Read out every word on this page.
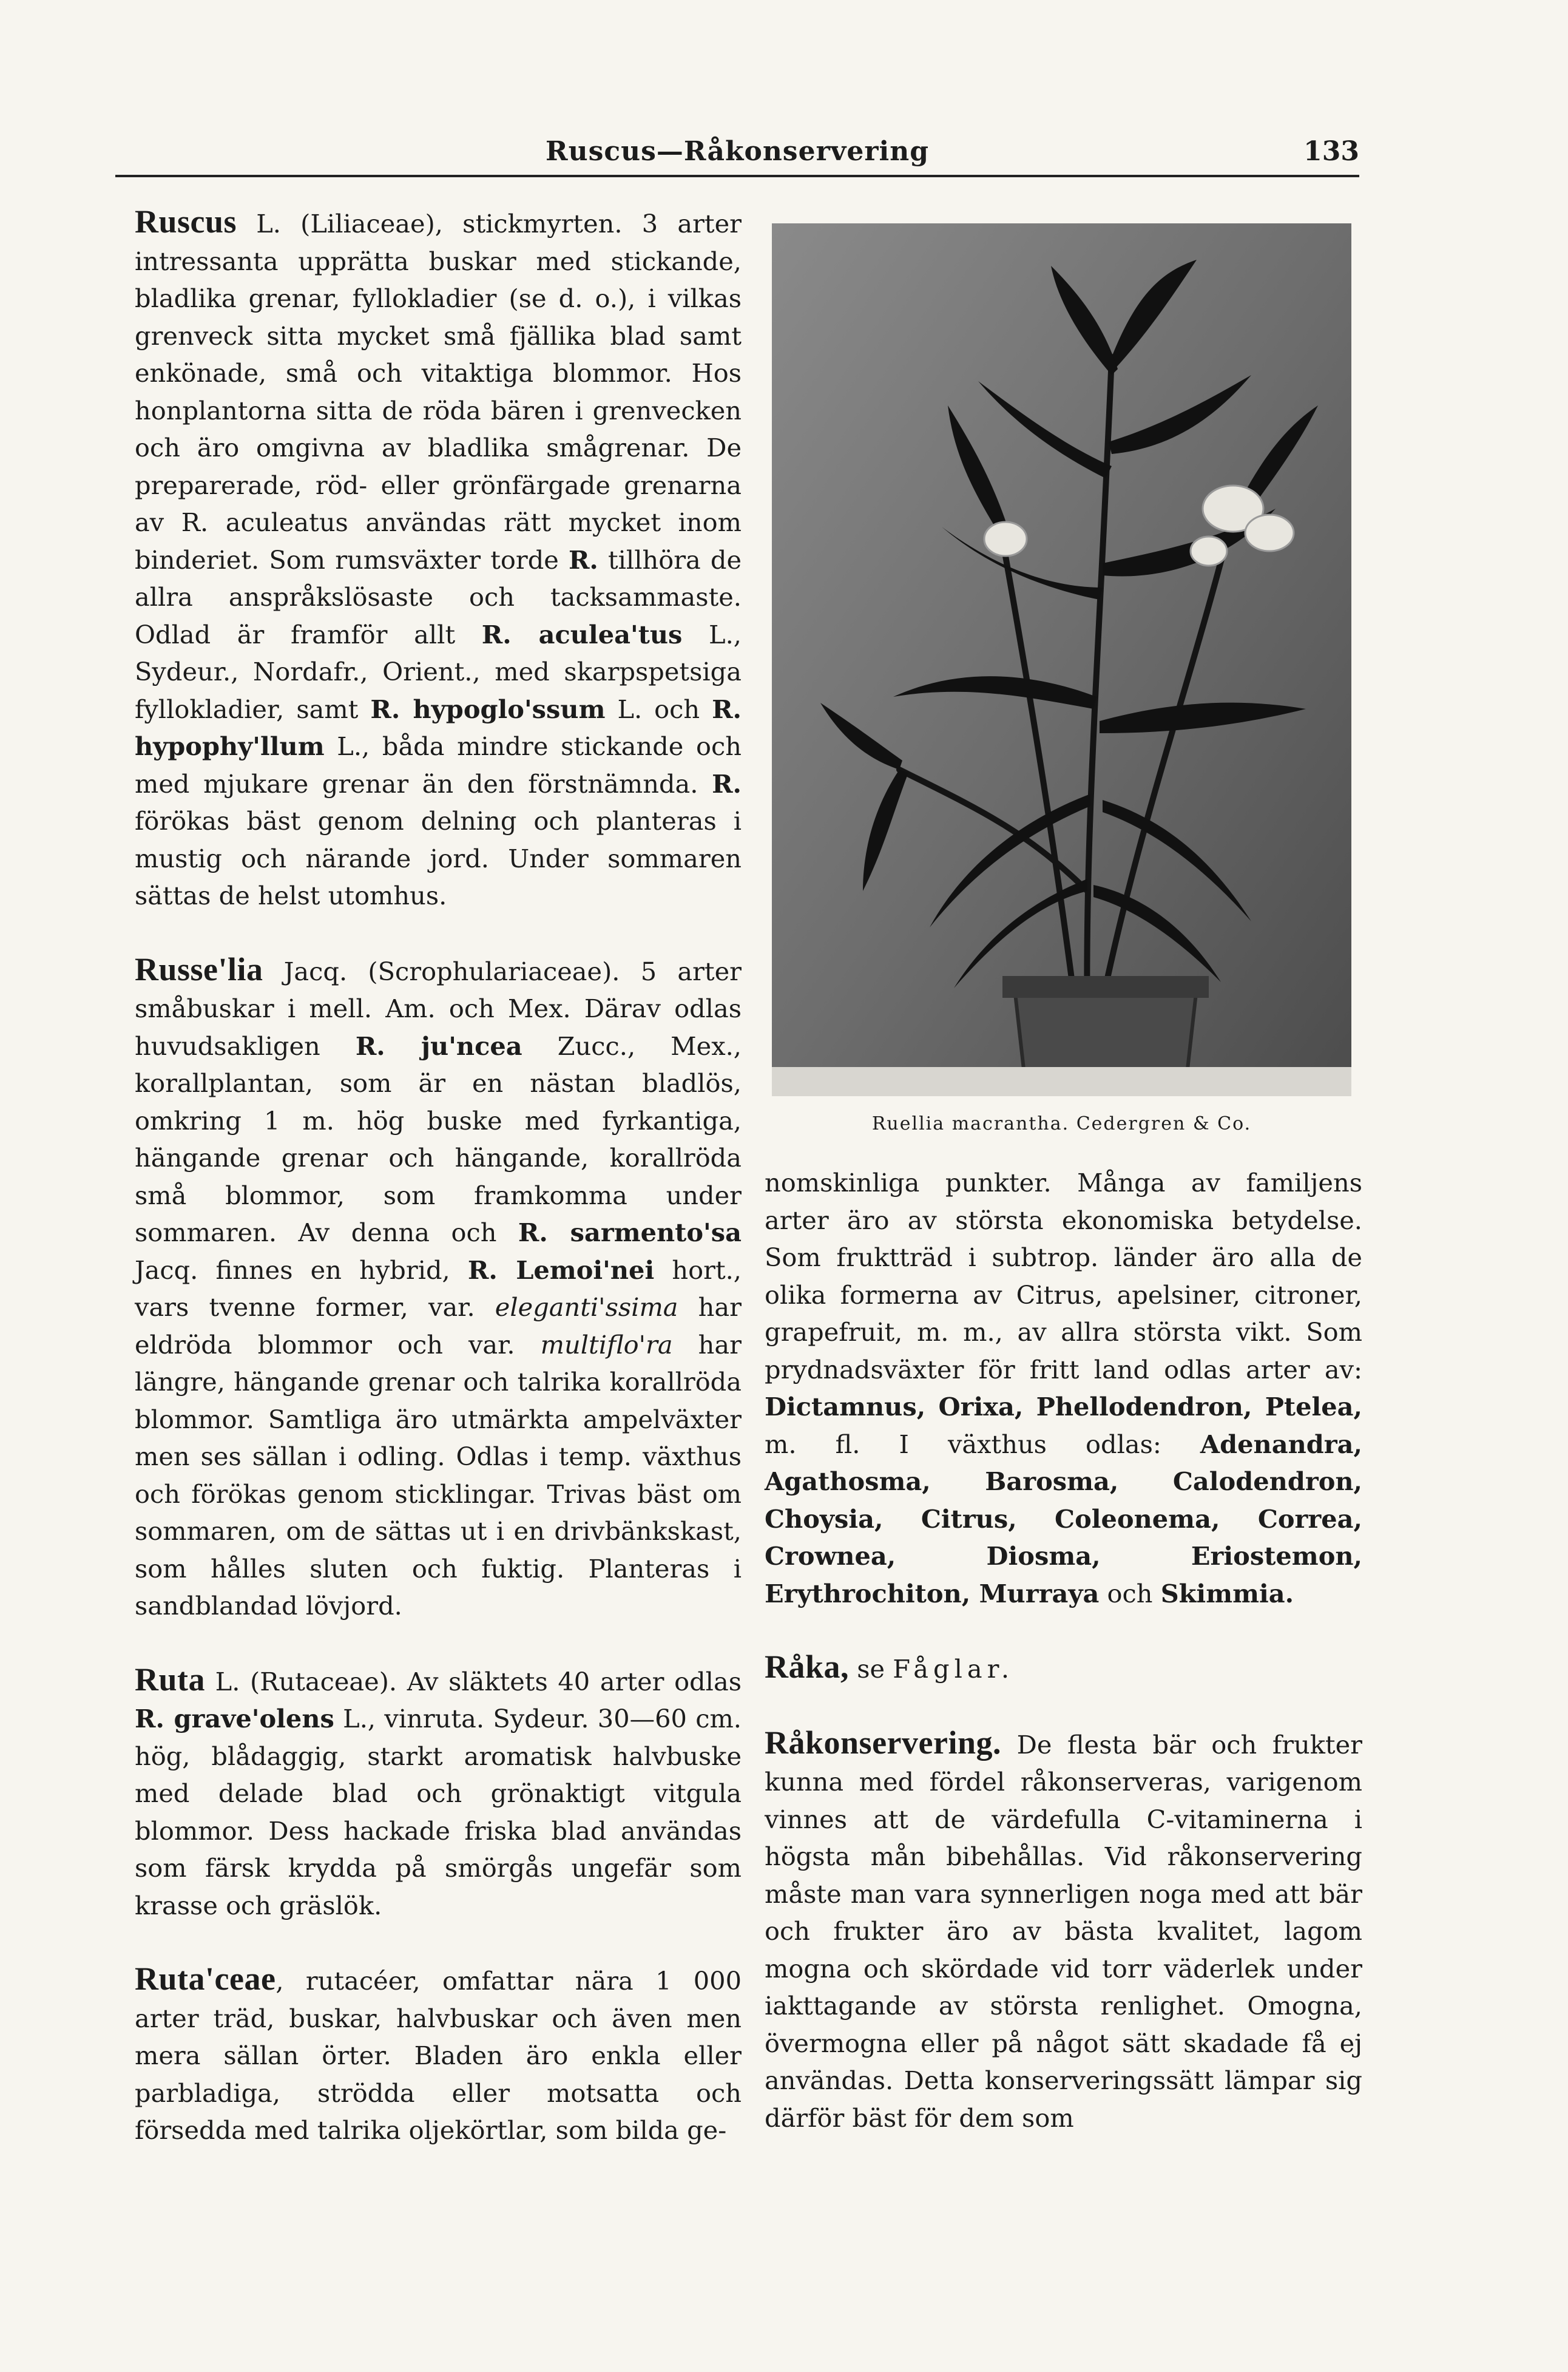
Ruscus—Råkonservering	133

Ruscus L. (Liliaceae), stickmyrten. 3 arter intressanta upprätta buskar med stickande, bladlika grenar, fyllokladier (se d. o.), i vilkas grenveck sitta mycket små fjällika blad samt enkönade, små och vitaktiga blommor. Hos honplantorna sitta de röda bären i grenvecken och äro omgivna av bladlika smågrenar. De preparerade, röd- eller grönfärgade grenarna av R. aculeatus användas rätt mycket inom binderiet. Som rumsväxter torde R. tillhöra de allra anspråkslösaste och tacksammaste. Odlad är framför allt R. aculea'tus L., Sydeur., Nordafr., Orient., med skarpspetsiga fyllokladier, samt R. hypoglo'ssum L. och R. hypophy'llum L., båda mindre stickande och med mjukare grenar än den förstnämnda. R. förökas bäst genom delning och planteras i mustig och närande jord. Under sommaren sättas de helst utomhus.

Russe'lia Jacq. (Scrophulariaceae). 5 arter småbuskar i mell. Am. och Mex. Därav odlas huvudsakligen R. ju'ncea Zucc., Mex., korallplantan, som är en nästan bladlös, omkring 1 m. hög buske med fyrkantiga, hängande grenar och hängande, korallröda små blommor, som framkomma under sommaren. Av denna och R. sarmento'sa Jacq. finnes en hybrid, R. Lemoi'nei hort., vars tvenne former, var. eleganti'ssima har eldröda blommor och var. multiflo'ra har längre, hängande grenar och talrika korallröda blommor. Samtliga äro utmärkta ampelväxter men ses sällan i odling. Odlas i temp. växthus och förökas genom sticklingar. Trivas bäst om sommaren, om de sättas ut i en drivbänkskast, som hålles sluten och fuktig. Planteras i sandblandad lövjord.

Ruta L. (Rutaceae). Av släktets 40 arter odlas R. grave'olens L., vinruta. Sydeur. 30—60 cm. hög, blådaggig, starkt aromatisk halvbuske med delade blad och grönaktigt vitgula blommor. Dess hackade friska blad användas som färsk krydda på smörgås ungefär som krasse och gräslök.

Ruta'ceae, rutacéer, omfattar nära 1 000 arter träd, buskar, halvbuskar och även men mera sällan örter. Bladen äro enkla eller parbladiga, strödda eller motsatta och försedda med talrika oljekörtlar, som bilda ge-

Ruellia macrantha. Cedergren & Co.

nomskinliga punkter. Många av familjens arter äro av största ekonomiska betydelse. Som fruktträd i subtrop. länder äro alla de olika formerna av Citrus, apelsiner, citroner, grapefruit, m. m., av allra största vikt. Som prydnadsväxter för fritt land odlas arter av: Dictamnus, Orixa, Phellodendron, Ptelea, m. fl. I växthus odlas: Adenandra, Agathosma, Barosma, Calodendron, Choysia, Citrus, Coleonema, Correa, Crownea, Diosma, Eriostemon, Erythrochiton, Murraya och Skimmia.

Råka, se Fåglar.

Råkonservering. De flesta bär och frukter kunna med fördel råkonserveras, varigenom vinnes att de värdefulla C-vitaminerna i högsta mån bibehållas. Vid råkonservering måste man vara synnerligen noga med att bär och frukter äro av bästa kvalitet, lagom mogna och skördade vid torr väderlek under iakttagande av största renlighet. Omogna, övermogna eller på något sätt skadade få ej användas. Detta konserveringssätt lämpar sig därför bäst för dem som
